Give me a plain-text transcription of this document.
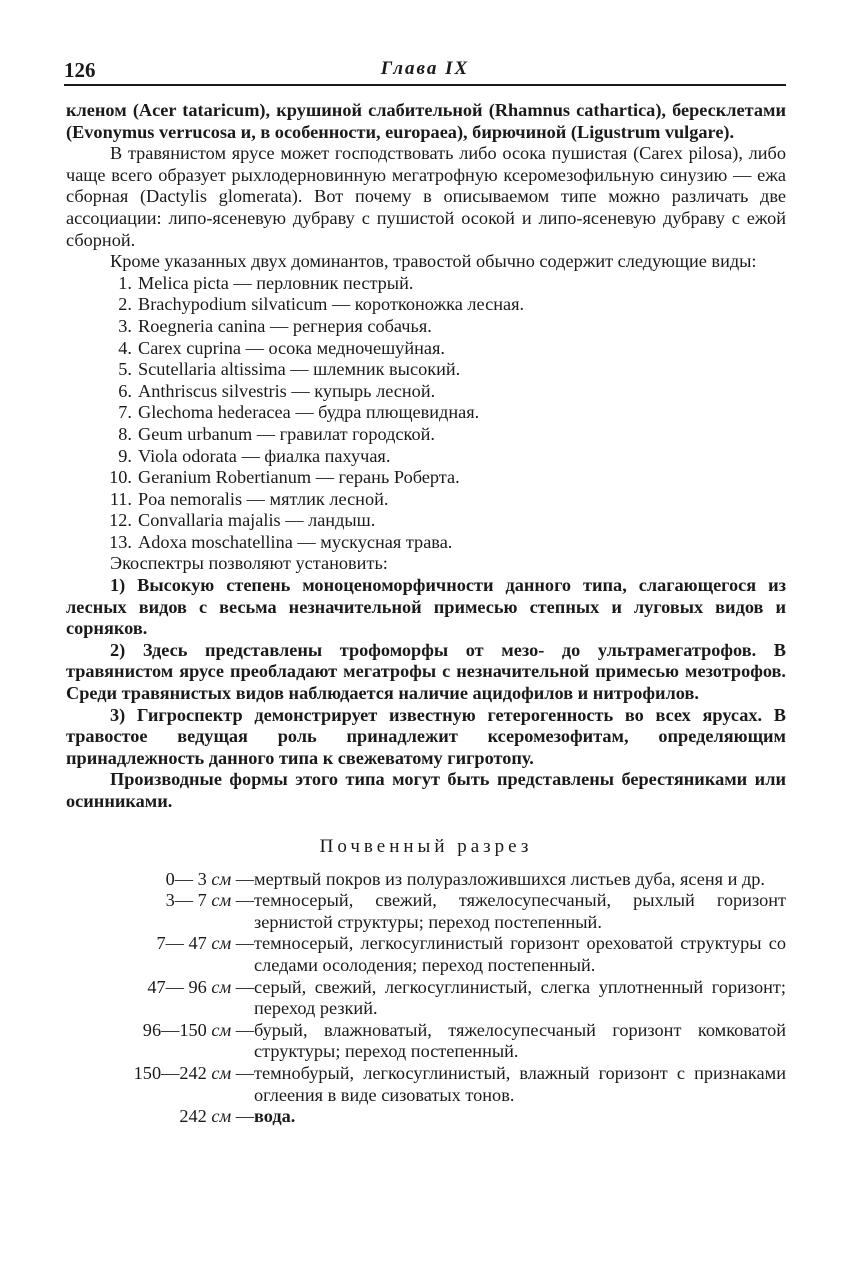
126	Глава IX

кленом (Acer tataricum), крушиной слабительной (Rhamnus cathartica), бересклетами (Evonymus verrucosa и, в особенности, europaea), бирючиной (Ligustrum vulgare).

В травянистом ярусе может господствовать либо осока пушистая (Carex pilosa), либо чаще всего образует рыхлодерновинную мегатрофную ксеромезофильную синузию — ежа сборная (Dactylis glomerata). Вот почему в описываемом типе можно различать две ассоциации: липо-ясеневую дубраву с пушистой осокой и липо-ясеневую дубраву с ежой сборной.

Кроме указанных двух доминантов, травостой обычно содержит следующие виды:

1. Melica picta — перловник пестрый.
2. Brachypodium silvaticum — коротконожка лесная.
3. Roegneria canina — регнерия собачья.
4. Carex cuprina — осока медночешуйная.
5. Scutellaria altissima — шлемник высокий.
6. Anthriscus silvestris — купырь лесной.
7. Glechoma hederacea — будра плющевидная.
8. Geum urbanum — гравилат городской.
9. Viola odorata — фиалка пахучая.
10. Geranium Robertianum — герань Роберта.
11. Poa nemoralis — мятлик лесной.
12. Convallaria majalis — ландыш.
13. Adoxa moschatellina — мускусная трава.

Экоспектры позволяют установить:

1) Высокую степень моноценоморфичности данного типа, слагающегося из лесных видов с весьма незначительной примесью степных и луговых видов и сорняков.

2) Здесь представлены трофоморфы от мезо- до ультрамегатрофов. В травянистом ярусе преобладают мегатрофы с незначительной примесью мезотрофов. Среди травянистых видов наблюдается наличие ацидофилов и нитрофилов.

3) Гигроспектр демонстрирует известную гетерогенность во всех ярусах. В травостое ведущая роль принадлежит ксеромезофитам, определяющим принадлежность данного типа к свежеватому гигротопу.

Производные формы этого типа могут быть представлены берестяниками или осинниками.

Почвенный разрез
0— 3 см — мертвый покров из полуразложившихся листьев дуба, ясеня и др.
3— 7 см — темносерый, свежий, тяжелосупесчаный, рыхлый горизонт зернистой структуры; переход постепенный.
7— 47 см — темносерый, легкосуглинистый горизонт ореховатой структуры со следами осолодения; переход постепенный.
47— 96 см — серый, свежий, легкосуглинистый, слегка уплотненный горизонт; переход резкий.
96—150 см — бурый, влажноватый, тяжелосупесчаный горизонт комковатой структуры; переход постепенный.
150—242 см — темнобурый, легкосуглинистый, влажный горизонт с признаками оглеения в виде сизоватых тонов.
242 см — вода.
